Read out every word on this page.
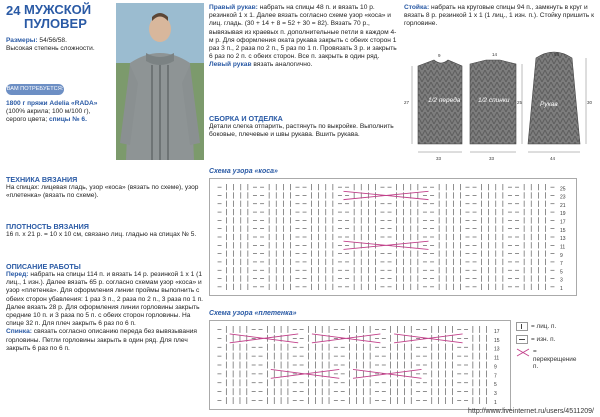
24 МУЖСКОЙ ПУЛОВЕР

Размеры: 54/56/58.

Высокая степень сложности.

ВАМ ПОТРЕБУЕТСЯ:

1800 г пряжи Adelia «RADA» (100% акрила; 100 м/100 г), серого цвета; спицы № 6.

ТЕХНИКА ВЯЗАНИЯ

На спицах: лицевая гладь, узор «коса» (вязать по схеме), узор «плетенка» (вязать по схеме).

ПЛОТНОСТЬ ВЯЗАНИЯ

16 п. х 21 р. = 10 х 10 см, связано лиц. гладью на спицах № 5.

ОПИСАНИЕ РАБОТЫ

Перед: набрать на спицы 114 п. и вязать 14 р. резинкой 1 х 1 (1 лиц., 1 изн.). Далее вязать 65 р. согласно схемам узор «коса» и узор «плетенка». Для оформления линии проймы выполнить с обеих сторон убавления: 1 раз 3 п., 2 раза по 2 п., 3 раза по 1 п. Далее вязать 28 р. Для оформления линии горловины закрыть средние 10 п. и 3 раза по 5 п. с обеих сторон горловины. На спице 32 п. Для плеч закрыть 6 раз по 6 п.

Спинка: связать согласно описанию переда без вывязывания горловины. Петли горловины закрыть в один ряд. Для плеч закрыть 6 раз по 6 п.

Правый рукав: набрать на спицы 48 п. и вязать 10 р. резинкой 1 х 1. Далее вязать согласно схеме узор «коса» и лиц. гладь. (30 + 14 + 8 = 52 + 30 = 82). Вязать 70 р., вывязывая из краевых п. дополнительные петли в каждом 4-м р. Для оформления оката рукава закрыть с обеих сторон 1 раз 3 п., 2 раза по 2 п., 5 раз по 1 п. Провязать 3 р. и закрыть 6 раз по 2 п. с обеих сторон. Все п. закрыть в один ряд.

Левый рукав вязать аналогично.

СБОРКА И ОТДЕЛКА

Детали слегка отпарить, растянуть по выкройке. Выполнить боковые, плечевые и швы рукава. Вшить рукава.

Стойка: набрать на круговые спицы 94 п., замкнуть в круг и вязать 8 р. резинкой 1 х 1 (1 лиц., 1 изн. п.). Стойку пришить к горловине.

1/2 переда	1/2 спинки
Рукав
27	25	30
33	33
9	58
14
44
Схема узора «коса»
25
23
21
19
17
15
13
11
9
7
5
3
1
Схема узора «плетенка»
17
15
13
11
9
7
5
3
1
= лиц. п.
= изн. п.
= перекрещение п.
http://www.liveinternet.ru/users/4511209/
